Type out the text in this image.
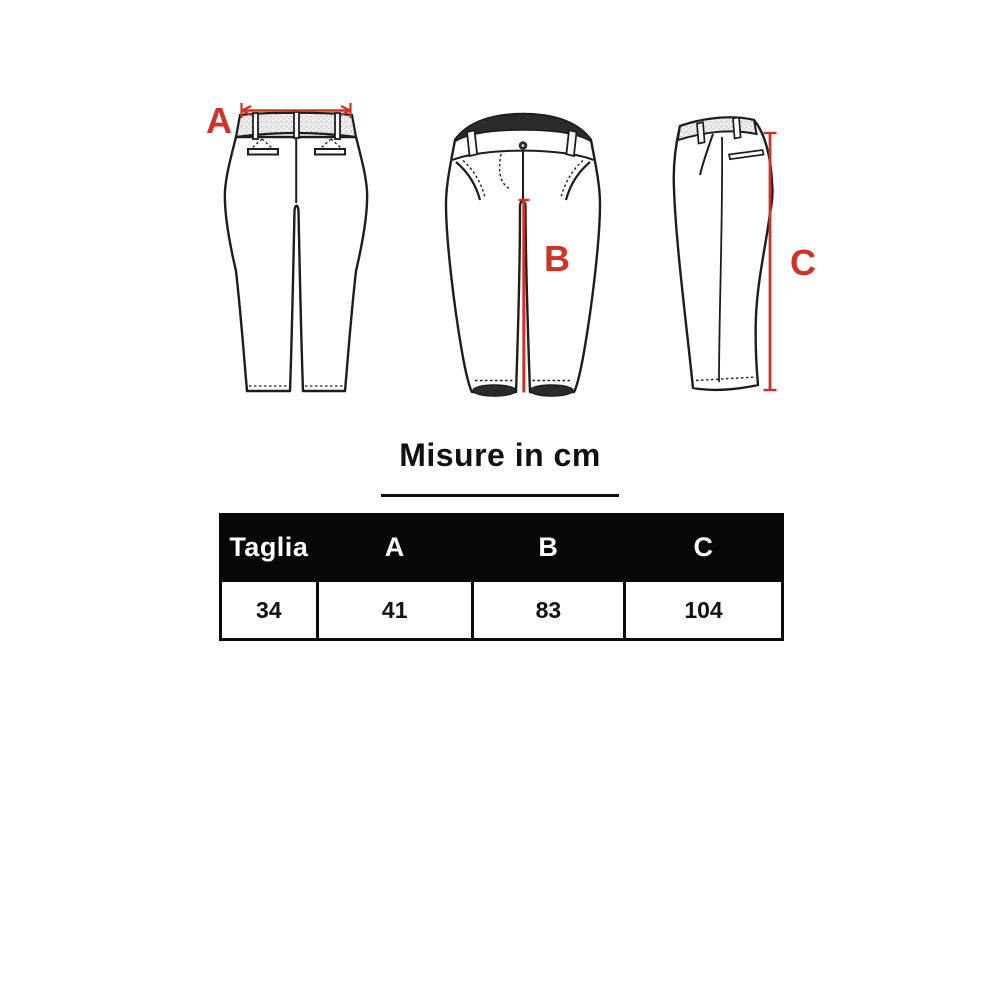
A
B	C
Misure in cm
Taglia	A	B	C
34	41	83	104
